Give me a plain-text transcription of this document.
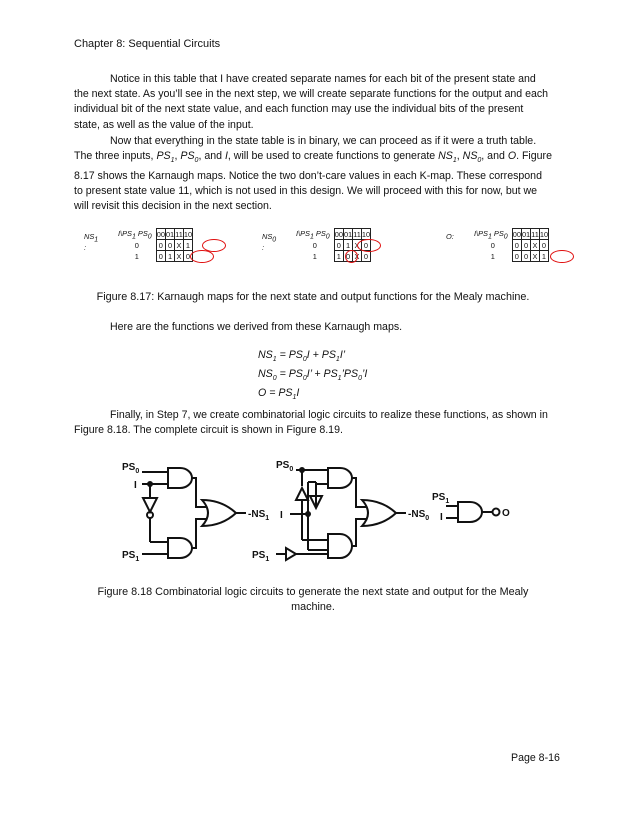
Chapter 8: Sequential Circuits

Notice in this table that I have created separate names for each bit of the present state and the next state. As you’ll see in the next step, we will create separate functions for the output and each individual bit of the next state value, and each function may use the individual bits of the present state, as well as the value of the input.

Now that everything in the state table is in binary, we can proceed as if it were a truth table. The three inputs, $PS_1$, $PS_0$, and I, will be used to create functions to generate $NS_1$, $NS_0$, and O. Figure 8.17 shows the Karnaugh maps. Notice the two don’t-care values in each K-map. These correspond to present state value 11, which is not used in this design. We will proceed with this for now, but we will revisit this decision in the next section.

$NS_1$ :
$I\backslash PS_1$ $PS_0$	00	01	11	10
0	0	0	X	1
1	0	1	X	0
$NS_0$ :
$I\backslash PS_1$ $PS_0$	00	01	11	10
0	0	1	X	0
1	1	0	X	0
O:	$I\backslash PS_1$ $PS_0$	00	01	11	10
0	0	0	X	0
1	0	0	X	1
Figure 8.17: Karnaugh maps for the next state and output functions for the Mealy machine.

Here are the functions we derived from these Karnaugh maps.

$NS_1 = PS_0I + PS_1I$’
$NS_0 = PS_0I$’ + $PS_1’PS_0’I$
$O = PS_1I$

Finally, in Step 7, we create combinatorial logic circuits to realize these functions, as shown in Figure 8.18. The complete circuit is shown in Figure 8.19.

$PS_0$
I
$PS_1$
$-NS_1$
$PS_0$
I
$PS_1$
$-NS_0$
$PS_1$
I	O
Figure 8.18 Combinatorial logic circuits to generate the next state and output for the Mealy
machine.
Page 8-16
